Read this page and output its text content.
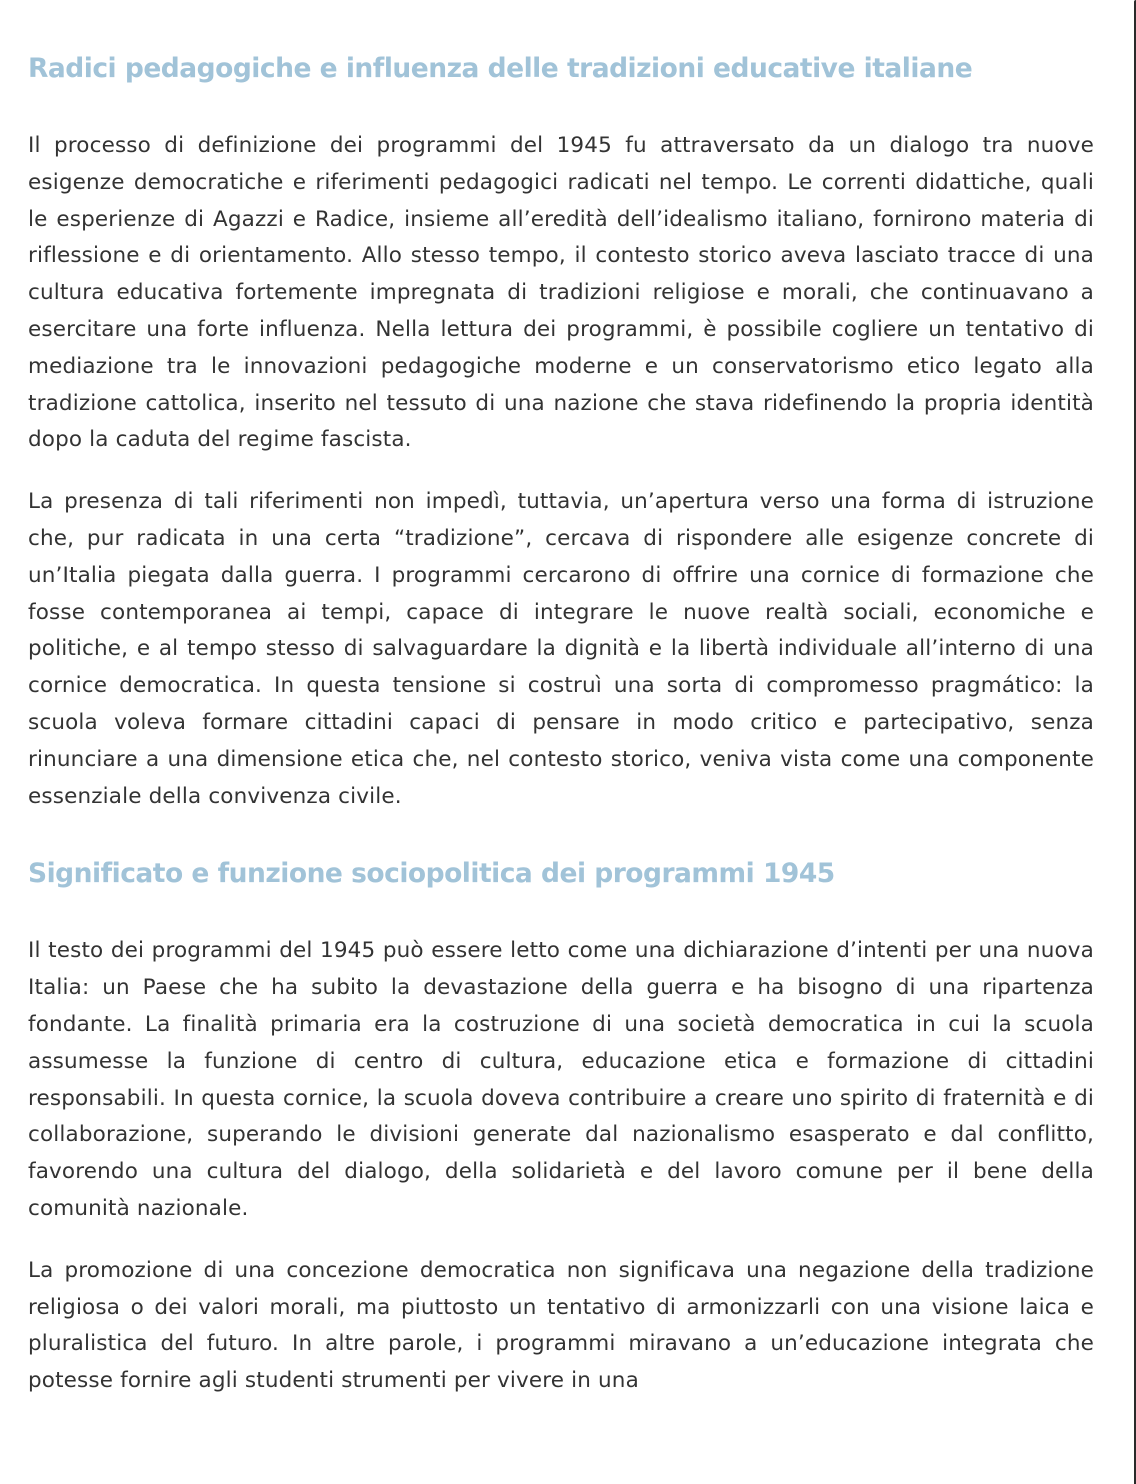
Radici pedagogiche e influenza delle tradizioni educative italiane

Il processo di definizione dei programmi del 1945 fu attraversato da un dialogo tra nuove esigenze democratiche e riferimenti pedagogici radicati nel tempo. Le correnti didattiche, quali le esperienze di Agazzi e Radice, insieme all’eredità dell’idealismo italiano, fornirono materia di riflessione e di orientamento. Allo stesso tempo, il contesto storico aveva lasciato tracce di una cultura educativa fortemente impregnata di tradizioni religiose e morali, che continuavano a esercitare una forte influenza. Nella lettura dei programmi, è possibile cogliere un tentativo di mediazione tra le innovazioni pedagogiche moderne e un conservatorismo etico legato alla tradizione cattolica, inserito nel tessuto di una nazione che stava ridefinendo la propria identità dopo la caduta del regime fascista.

La presenza di tali riferimenti non impedì, tuttavia, un’apertura verso una forma di istruzione che, pur radicata in una certa “tradizione”, cercava di rispondere alle esigenze concrete di un’Italia piegata dalla guerra. I programmi cercarono di offrire una cornice di formazione che fosse contemporanea ai tempi, capace di integrare le nuove realtà sociali, economiche e politiche, e al tempo stesso di salvaguardare la dignità e la libertà individuale all’interno di una cornice democratica. In questa tensione si costruì una sorta di compromesso pragmático: la scuola voleva formare cittadini capaci di pensare in modo critico e partecipativo, senza rinunciare a una dimensione etica che, nel contesto storico, veniva vista come una componente essenziale della convivenza civile.

Significato e funzione sociopolitica dei programmi 1945

Il testo dei programmi del 1945 può essere letto come una dichiarazione d’intenti per una nuova Italia: un Paese che ha subito la devastazione della guerra e ha bisogno di una ripartenza fondante. La finalità primaria era la costruzione di una società democratica in cui la scuola assumesse la funzione di centro di cultura, educazione etica e formazione di cittadini responsabili. In questa cornice, la scuola doveva contribuire a creare uno spirito di fraternità e di collaborazione, superando le divisioni generate dal nazionalismo esasperato e dal conflitto, favorendo una cultura del dialogo, della solidarietà e del lavoro comune per il bene della comunità nazionale.

La promozione di una concezione democratica non significava una negazione della tradizione religiosa o dei valori morali, ma piuttosto un tentativo di armonizzarli con una visione laica e pluralistica del futuro. In altre parole, i programmi miravano a un’educazione integrata che potesse fornire agli studenti strumenti per vivere in una
